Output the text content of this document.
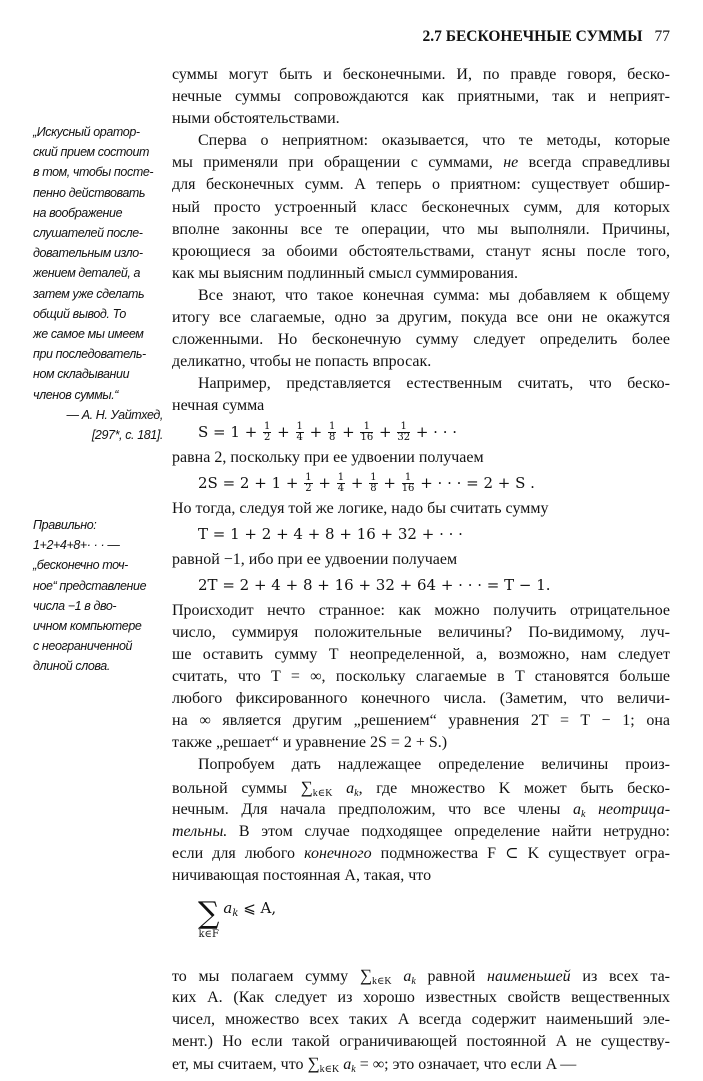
2.7 БЕСКОНЕЧНЫЕ СУММЫ 77
„Искусный оратор-
ский прием состоит
в том, чтобы посте-
пенно действовать
на воображение
слушателей после-
довательным изло-
жением деталей, а
затем уже сделать
общий вывод. То
же самое мы имеем
при последователь-
ном складывании
членов суммы.“
— А. Н. Уайтхед,
[297*, с. 181].
Правильно:
1+2+4+8+· · · —
„бесконечно точ-
ное“ представление
числа −1 в дво-
ичном компьютере
с неограниченной
длиной слова.
суммы могут быть и бесконечными. И, по правде говоря, беско-
нечные суммы сопровождаются как приятными, так и неприят-
ными обстоятельствами.
Сперва о неприятном: оказывается, что те методы, которые
мы применяли при обращении с суммами, не всегда справедливы
для бесконечных сумм. А теперь о приятном: существует обшир-
ный просто устроенный класс бесконечных сумм, для которых
вполне законны все те операции, что мы выполняли. Причины,
кроющиеся за обоими обстоятельствами, станут ясны после того,
как мы выясним подлинный смысл суммирования.
Все знают, что такое конечная сумма: мы добавляем к общему
итогу все слагаемые, одно за другим, покуда все они не окажутся
сложенными. Но бесконечную сумму следует определить более
деликатно, чтобы не попасть впросак.
Например, представляется естественным считать, что беско-
нечная сумма
$S = 1 + \frac{1}{2} + \frac{1}{4} + \frac{1}{8} + \frac{1}{16} + \frac{1}{32}$ + · · ·
равна 2, поскольку при ее удвоении получаем
$2S = 2 + 1 + \frac{1}{2} + \frac{1}{4} + \frac{1}{8} + \frac{1}{16}$ + · · · = 2 + S .
Но тогда, следуя той же логике, надо бы считать сумму
T = 1 + 2 + 4 + 8 + 16 + 32 + · · ·
равной −1, ибо при ее удвоении получаем
2T = 2 + 4 + 8 + 16 + 32 + 64 + · · · = T − 1.
Происходит нечто странное: как можно получить отрицательное
число, суммируя положительные величины? По-видимому, луч-
ше оставить сумму T неопределенной, а, возможно, нам следует
считать, что T = ∞, поскольку слагаемые в T становятся больше
любого фиксированного конечного числа. (Заметим, что величи-
на ∞ является другим „решением“ уравнения 2T = T − 1; она
также „решает“ и уравнение 2S = 2 + S.)
Попробуем дать надлежащее определение величины произ-
вольной суммы $\sum_{k\in K}$ $a_k$, где множество K может быть беско-
нечным. Для начала предположим, что все члены $a_k$ неотрица-
тельны. В этом случае подходящее определение найти нетрудно:
если для любого конечного подмножества F ⊂ K существует огра-
ничивающая постоянная A, такая, что
∑
k∈F
$a_k$ ⩽ A,
то мы полагаем сумму $\sum_{k\in K}$ $a_k$ равной наименьшей из всех та-
ких A. (Как следует из хорошо известных свойств вещественных
чисел, множество всех таких A всегда содержит наименьший эле-
мент.) Но если такой ограничивающей постоянной A не существу-
ет, мы считаем, что $\sum_{k\in K}$ $a_k$ = ∞; это означает, что если A —
